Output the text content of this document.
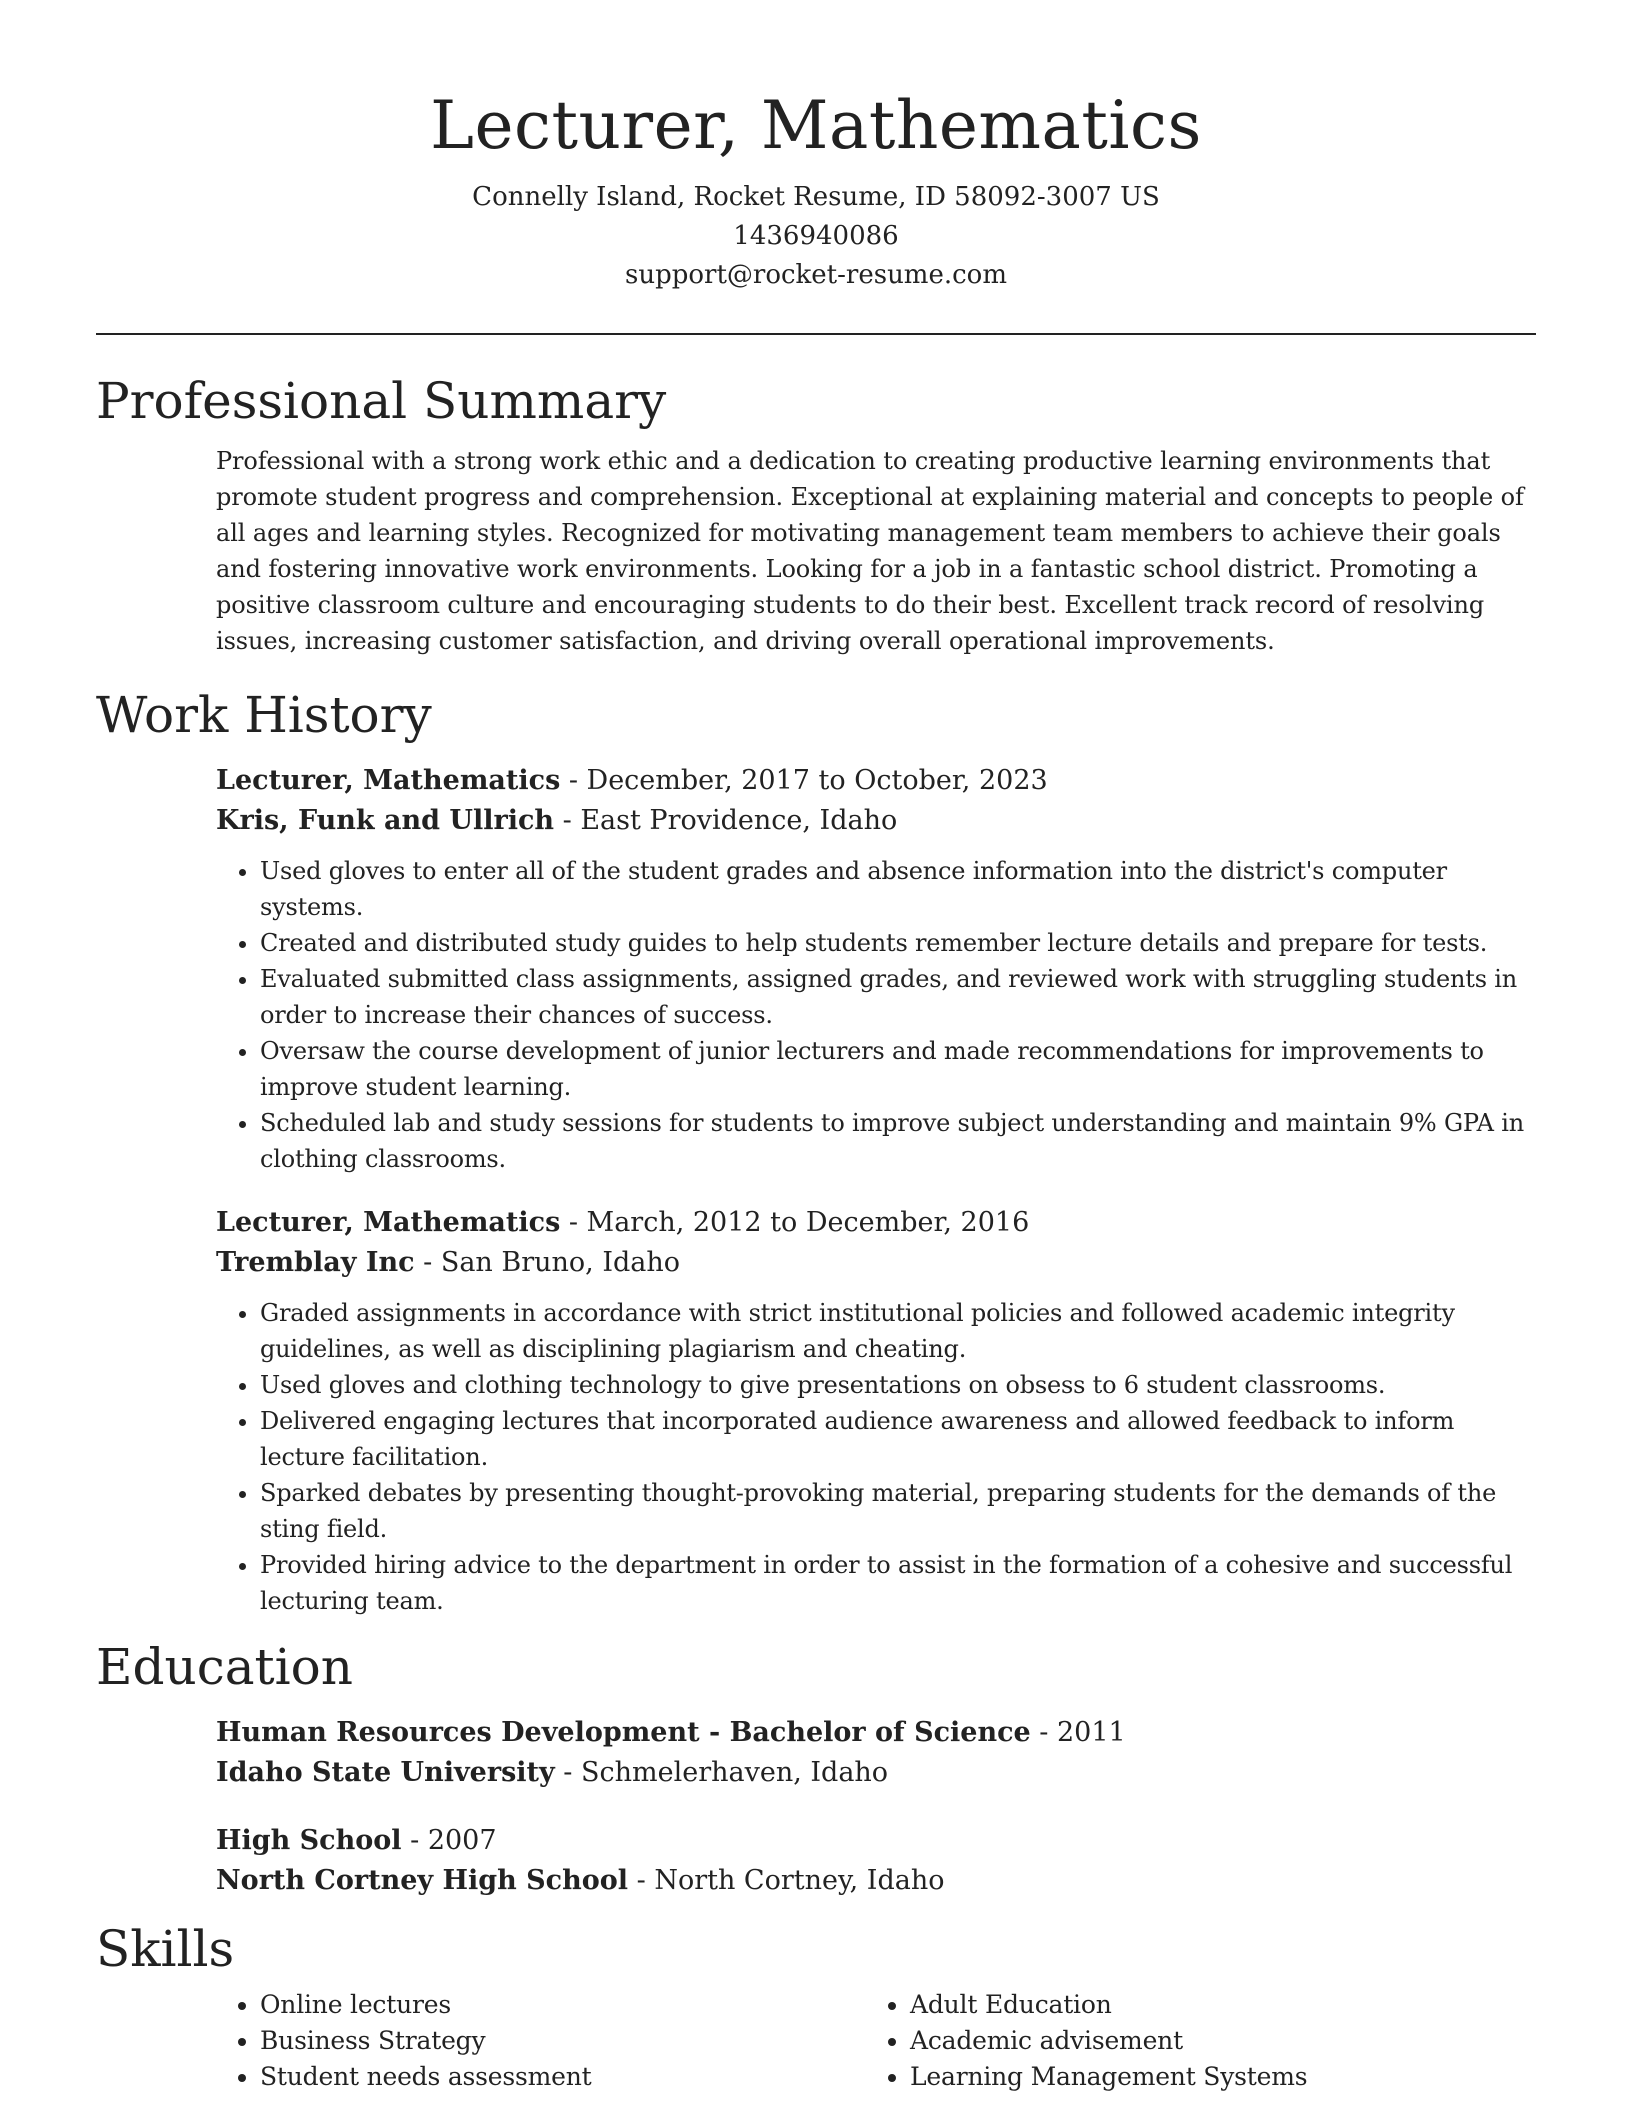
Lecturer, Mathematics
Connelly Island, Rocket Resume, ID 58092-3007 US
1436940086
support@rocket-resume.com
Professional Summary
Professional with a strong work ethic and a dedication to creating productive learning environments that promote student progress and comprehension. Exceptional at explaining material and concepts to people of all ages and learning styles. Recognized for motivating management team members to achieve their goals and fostering innovative work environments. Looking for a job in a fantastic school district. Promoting a positive classroom culture and encouraging students to do their best. Excellent track record of resolving issues, increasing customer satisfaction, and driving overall operational improvements.
Work History
Lecturer, Mathematics - December, 2017 to October, 2023
Kris, Funk and Ullrich - East Providence, Idaho
• Used gloves to enter all of the student grades and absence information into the district's computer systems.
• Created and distributed study guides to help students remember lecture details and prepare for tests.
• Evaluated submitted class assignments, assigned grades, and reviewed work with struggling students in order to increase their chances of success.
• Oversaw the course development of junior lecturers and made recommendations for improvements to improve student learning.
• Scheduled lab and study sessions for students to improve subject understanding and maintain 9% GPA in clothing classrooms.
Lecturer, Mathematics - March, 2012 to December, 2016
Tremblay Inc - San Bruno, Idaho
• Graded assignments in accordance with strict institutional policies and followed academic integrity guidelines, as well as disciplining plagiarism and cheating.
• Used gloves and clothing technology to give presentations on obsess to 6 student classrooms.
• Delivered engaging lectures that incorporated audience awareness and allowed feedback to inform lecture facilitation.
• Sparked debates by presenting thought-provoking material, preparing students for the demands of the sting field.
• Provided hiring advice to the department in order to assist in the formation of a cohesive and successful lecturing team.
Education
Human Resources Development - Bachelor of Science - 2011
Idaho State University - Schmelerhaven, Idaho
High School - 2007
North Cortney High School - North Cortney, Idaho
Skills
• Online lectures
• Business Strategy
• Student needs assessment
• Adult Education
• Academic advisement
• Learning Management Systems
